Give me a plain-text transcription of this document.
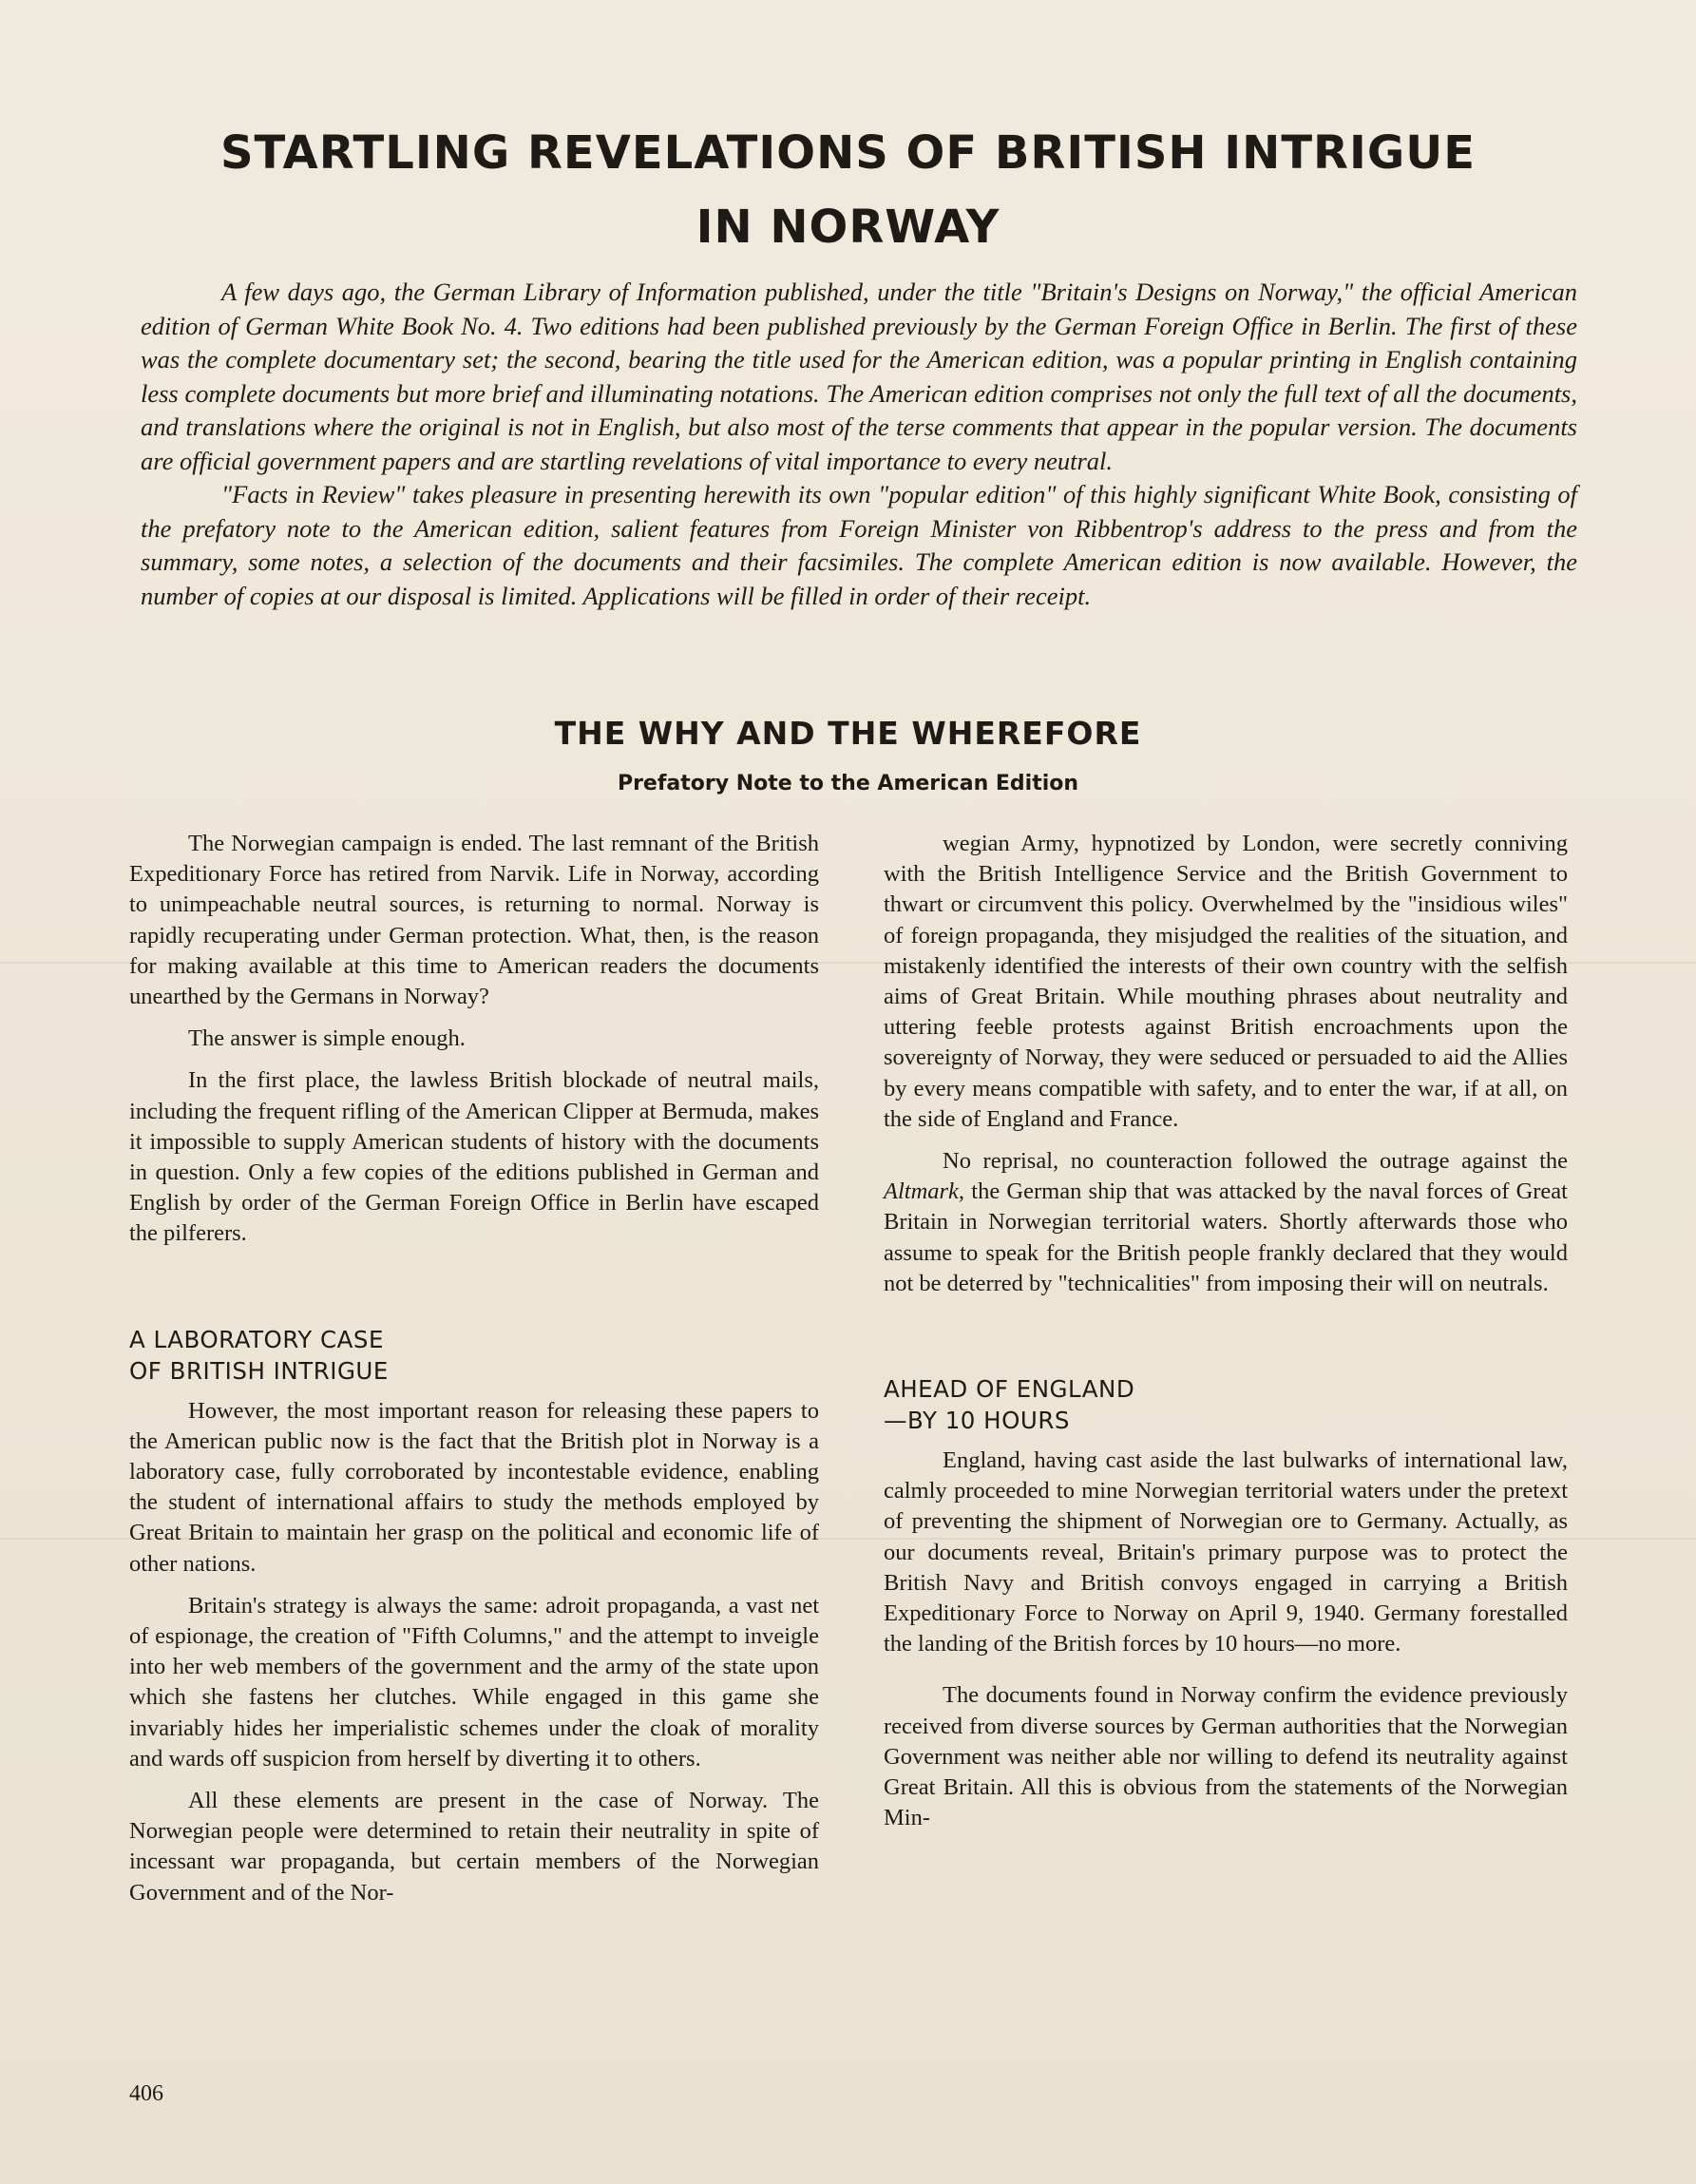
STARTLING REVELATIONS OF BRITISH INTRIGUE
IN NORWAY

A few days ago, the German Library of Information published, under the title "Britain's Designs on Norway," the official American edition of German White Book No. 4. Two editions had been published previously by the German Foreign Office in Berlin. The first of these was the complete documentary set; the second, bearing the title used for the American edition, was a popular printing in English containing less complete documents but more brief and illuminating notations. The American edition comprises not only the full text of all the documents, and translations where the original is not in English, but also most of the terse comments that appear in the popular version. The documents are official government papers and are startling revelations of vital importance to every neutral.

"Facts in Review" takes pleasure in presenting herewith its own "popular edition" of this highly significant White Book, consisting of the prefatory note to the American edition, salient features from Foreign Minister von Ribbentrop's address to the press and from the summary, some notes, a selection of the documents and their facsimiles. The complete American edition is now available. However, the number of copies at our disposal is limited. Applications will be filled in order of their receipt.

THE WHY AND THE WHEREFORE
Prefatory Note to the American Edition

The Norwegian campaign is ended. The last remnant of the British Expeditionary Force has retired from Narvik. Life in Norway, according to unimpeachable neutral sources, is returning to normal. Norway is rapidly recuperating under German protection. What, then, is the reason for making available at this time to American readers the documents unearthed by the Germans in Norway?

The answer is simple enough.

In the first place, the lawless British blockade of neutral mails, including the frequent rifling of the American Clipper at Bermuda, makes it impossible to supply American students of history with the documents in question. Only a few copies of the editions published in German and English by order of the German Foreign Office in Berlin have escaped the pilferers.

A LABORATORY CASE
OF BRITISH INTRIGUE

However, the most important reason for releasing these papers to the American public now is the fact that the British plot in Norway is a laboratory case, fully corroborated by incontestable evidence, enabling the student of international affairs to study the methods employed by Great Britain to maintain her grasp on the political and economic life of other nations.

Britain's strategy is always the same: adroit propaganda, a vast net of espionage, the creation of "Fifth Columns," and the attempt to inveigle into her web members of the government and the army of the state upon which she fastens her clutches. While engaged in this game she invariably hides her imperialistic schemes under the cloak of morality and wards off suspicion from herself by diverting it to others.

All these elements are present in the case of Norway. The Norwegian people were determined to retain their neutrality in spite of incessant war propaganda, but certain members of the Norwegian Government and of the Nor-

wegian Army, hypnotized by London, were secretly conniving with the British Intelligence Service and the British Government to thwart or circumvent this policy. Overwhelmed by the "insidious wiles" of foreign propaganda, they misjudged the realities of the situation, and mistakenly identified the interests of their own country with the selfish aims of Great Britain. While mouthing phrases about neutrality and uttering feeble protests against British encroachments upon the sovereignty of Norway, they were seduced or persuaded to aid the Allies by every means compatible with safety, and to enter the war, if at all, on the side of England and France.

No reprisal, no counteraction followed the outrage against the Altmark, the German ship that was attacked by the naval forces of Great Britain in Norwegian territorial waters. Shortly afterwards those who assume to speak for the British people frankly declared that they would not be deterred by "technicalities" from imposing their will on neutrals.

AHEAD OF ENGLAND
—BY 10 HOURS

England, having cast aside the last bulwarks of international law, calmly proceeded to mine Norwegian territorial waters under the pretext of preventing the shipment of Norwegian ore to Germany. Actually, as our documents reveal, Britain's primary purpose was to protect the British Navy and British convoys engaged in carrying a British Expeditionary Force to Norway on April 9, 1940. Germany forestalled the landing of the British forces by 10 hours—no more.

The documents found in Norway confirm the evidence previously received from diverse sources by German authorities that the Norwegian Government was neither able nor willing to defend its neutrality against Great Britain. All this is obvious from the statements of the Norwegian Min-

406
